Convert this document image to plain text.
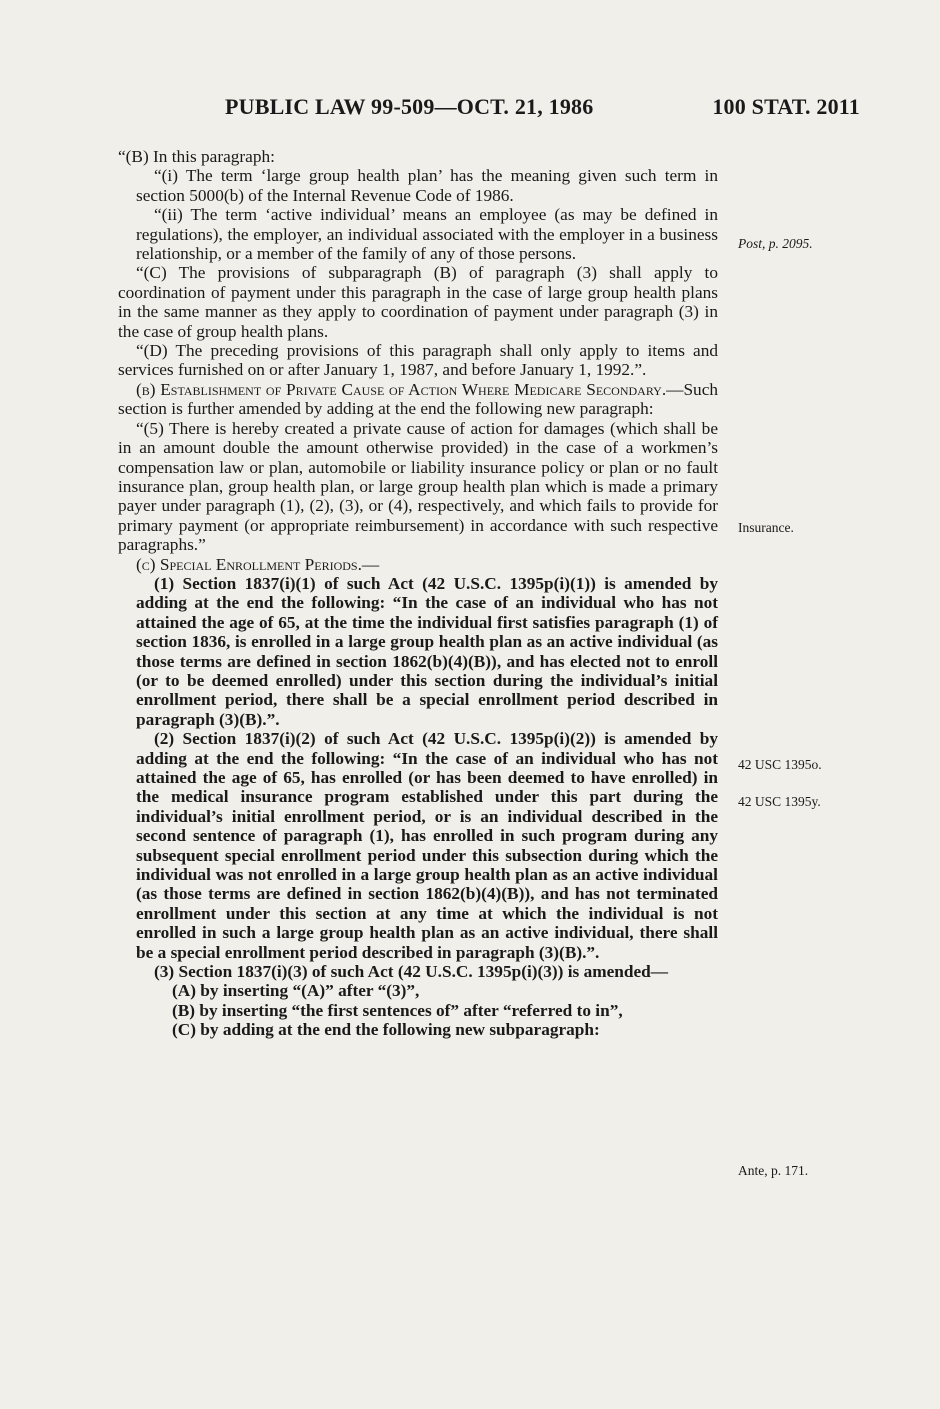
PUBLIC LAW 99-509—OCT. 21, 1986	100 STAT. 2011

“(B) In this paragraph:

“(i) The term ‘large group health plan’ has the meaning given such term in section 5000(b) of the Internal Revenue Code of 1986.

“(ii) The term ‘active individual’ means an employee (as may be defined in regulations), the employer, an individual associated with the employer in a business relationship, or a member of the family of any of those persons.

“(C) The provisions of subparagraph (B) of paragraph (3) shall apply to coordination of payment under this paragraph in the case of large group health plans in the same manner as they apply to coordination of payment under paragraph (3) in the case of group health plans.

“(D) The preceding provisions of this paragraph shall only apply to items and services furnished on or after January 1, 1987, and before January 1, 1992.”.

(b) Establishment of Private Cause of Action Where Medicare Secondary.—Such section is further amended by adding at the end the following new paragraph:

“(5) There is hereby created a private cause of action for damages (which shall be in an amount double the amount otherwise provided) in the case of a workmen’s compensation law or plan, automobile or liability insurance policy or plan or no fault insurance plan, group health plan, or large group health plan which is made a primary payer under paragraph (1), (2), (3), or (4), respectively, and which fails to provide for primary payment (or appropriate reimbursement) in accordance with such respective paragraphs.”

(c) Special Enrollment Periods.—

(1) Section 1837(i)(1) of such Act (42 U.S.C. 1395p(i)(1)) is amended by adding at the end the following: “In the case of an individual who has not attained the age of 65, at the time the individual first satisfies paragraph (1) of section 1836, is enrolled in a large group health plan as an active individual (as those terms are defined in section 1862(b)(4)(B)), and has elected not to enroll (or to be deemed enrolled) under this section during the individual’s initial enrollment period, there shall be a special enrollment period described in paragraph (3)(B).”.

(2) Section 1837(i)(2) of such Act (42 U.S.C. 1395p(i)(2)) is amended by adding at the end the following: “In the case of an individual who has not attained the age of 65, has enrolled (or has been deemed to have enrolled) in the medical insurance program established under this part during the individual’s initial enrollment period, or is an individual described in the second sentence of paragraph (1), has enrolled in such program during any subsequent special enrollment period under this subsection during which the individual was not enrolled in a large group health plan as an active individual (as those terms are defined in section 1862(b)(4)(B)), and has not terminated enrollment under this section at any time at which the individual is not enrolled in such a large group health plan as an active individual, there shall be a special enrollment period described in paragraph (3)(B).”.

(3) Section 1837(i)(3) of such Act (42 U.S.C. 1395p(i)(3)) is amended—

(A) by inserting “(A)” after “(3)”,

(B) by inserting “the first sentences of” after “referred to in”,

(C) by adding at the end the following new subparagraph:

Post, p. 2095.
Insurance.
42 USC 1395o.
42 USC 1395y.
Ante, p. 171.
